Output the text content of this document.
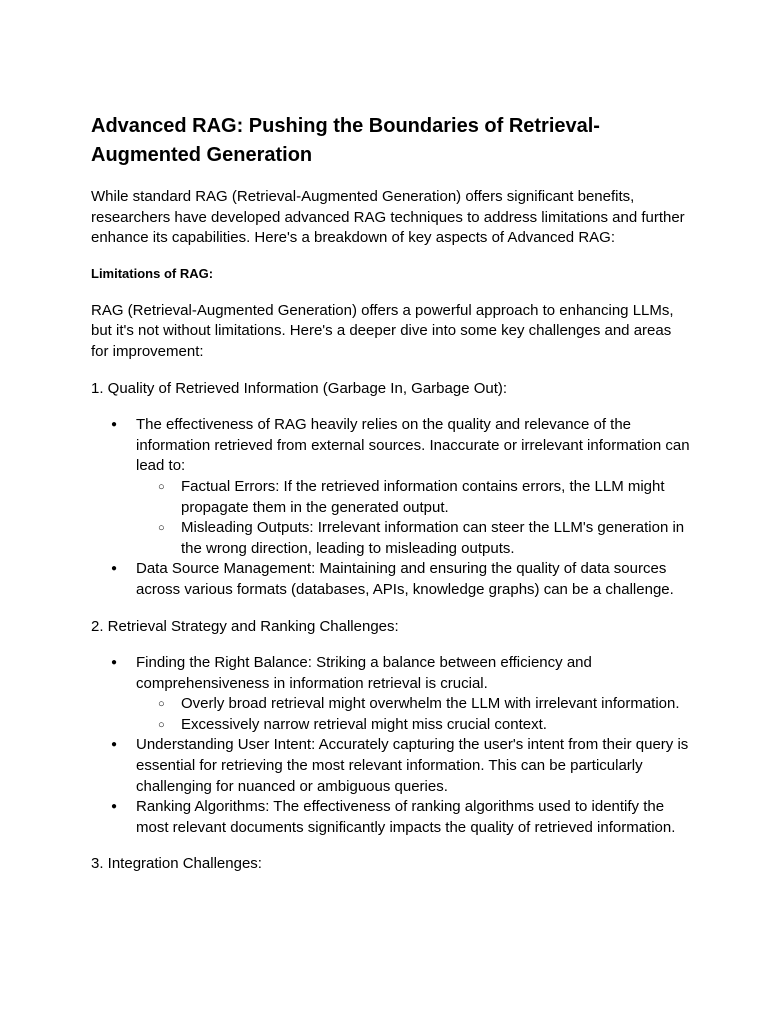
Advanced RAG: Pushing the Boundaries of Retrieval-Augmented Generation

While standard RAG (Retrieval-Augmented Generation) offers significant benefits, researchers have developed advanced RAG techniques to address limitations and further enhance its capabilities. Here's a breakdown of key aspects of Advanced RAG:

Limitations of RAG:

RAG (Retrieval-Augmented Generation) offers a powerful approach to enhancing LLMs, but it's not without limitations. Here's a deeper dive into some key challenges and areas for improvement:

1. Quality of Retrieved Information (Garbage In, Garbage Out):

● The effectiveness of RAG heavily relies on the quality and relevance of the information retrieved from external sources. Inaccurate or irrelevant information can lead to:
○ Factual Errors: If the retrieved information contains errors, the LLM might propagate them in the generated output.
○ Misleading Outputs: Irrelevant information can steer the LLM's generation in the wrong direction, leading to misleading outputs.
● Data Source Management: Maintaining and ensuring the quality of data sources across various formats (databases, APIs, knowledge graphs) can be a challenge.

2. Retrieval Strategy and Ranking Challenges:

● Finding the Right Balance: Striking a balance between efficiency and comprehensiveness in information retrieval is crucial.
○ Overly broad retrieval might overwhelm the LLM with irrelevant information.
○ Excessively narrow retrieval might miss crucial context.
● Understanding User Intent: Accurately capturing the user's intent from their query is essential for retrieving the most relevant information. This can be particularly challenging for nuanced or ambiguous queries.
● Ranking Algorithms: The effectiveness of ranking algorithms used to identify the most relevant documents significantly impacts the quality of retrieved information.

3. Integration Challenges:
